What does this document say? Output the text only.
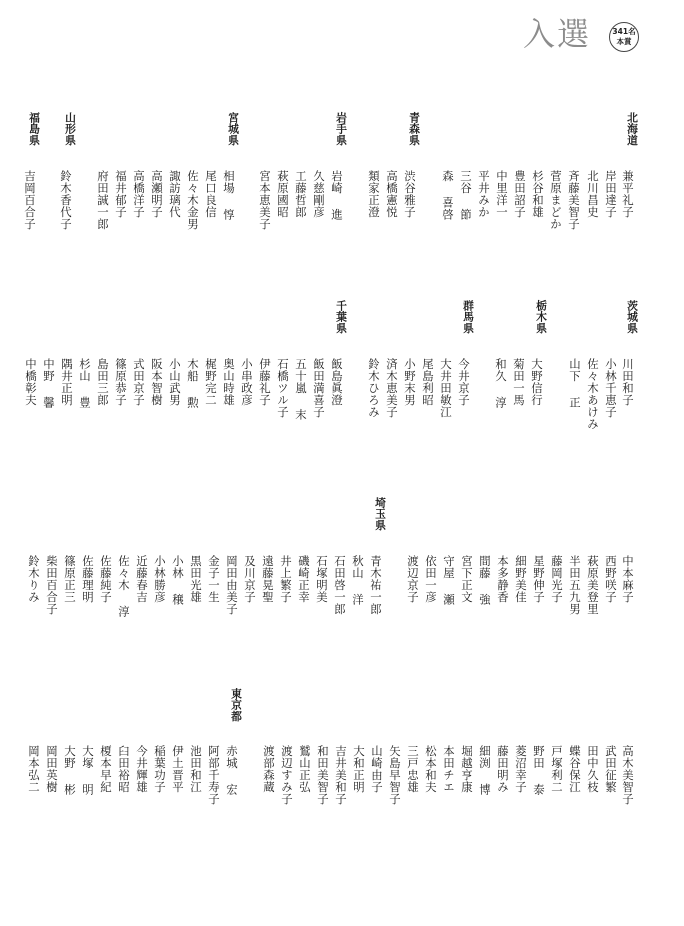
入選	341名
本賞
北海道
兼平礼子
岸田達子
北川昌史
斉藤美智子
菅原まどか
杉谷和雄
豊田詔子
中里洋一
平井みか
三谷 節
森 喜啓
青森県
渋谷雅子
高橋憲悦
類家正澄
岩手県
岩崎 進
久慈剛彦
工藤哲郎
萩原國昭
宮本恵美子
宮城県
相場 惇
尾口良信
佐々木金男
諏訪璃代
高瀬明子
高橋洋子
福井郁子
府田誠一郎
山形県
鈴木香代子
福島県
吉岡百合子
茨城県
川田和子
小林千恵子
佐々木あけみ
山下 正
栃木県
大野信行
菊田一馬
和久 淳
群馬県
今井京子
大井田敏江
尾島利昭
小野末男
済木恵美子
鈴木ひろみ
千葉県
飯島眞澄
飯田満喜子
五十嵐 末
石橋ツル子
伊藤礼子
小串政彦
奥山時雄
梶野完二
木船 勲
小山武男
阪本智樹
式田京子
篠原恭子
島田三郎
杉山 豊
隅井正明
中野 馨
中橋彰夫
中本麻子
西野咲子
萩原美登里
半田五九男
藤岡光子
星野伸子
細野美佳
本多静香
間藤 強
宮下正文
守屋 瀬
依田一彦
渡辺京子
埼玉県
青木祐一郎
秋山 洋
石田啓一郎
石塚明美
磯崎正幸
井上繁子
遠藤晃聖
及川京子
岡田由美子
金子一生
黒田光雄
小林 穣
小林勝彦
近藤春吉
佐々木 淳
佐藤純子
佐藤理明
篠原正三
柴田百合子
鈴木りみ
高木美智子
武田征繁
田中久枝
蝶谷保江
戸塚利二
野田 泰
菱沼幸子
藤田明み
細渕 博
堀越亨康
本田チエ
松本和夫
三戸忠雄
矢島早智子
山崎由子
大和正明
吉井美和子
和田美智子
鷲山正弘
渡辺すみ子
渡部森蔵
東京都
赤城 宏
阿部千寿子
池田和江
伊土晋平
稲葉功子
今井輝雄
臼田裕昭
榎本早紀
大塚 明
大野 彬
岡田英樹
岡本弘二
